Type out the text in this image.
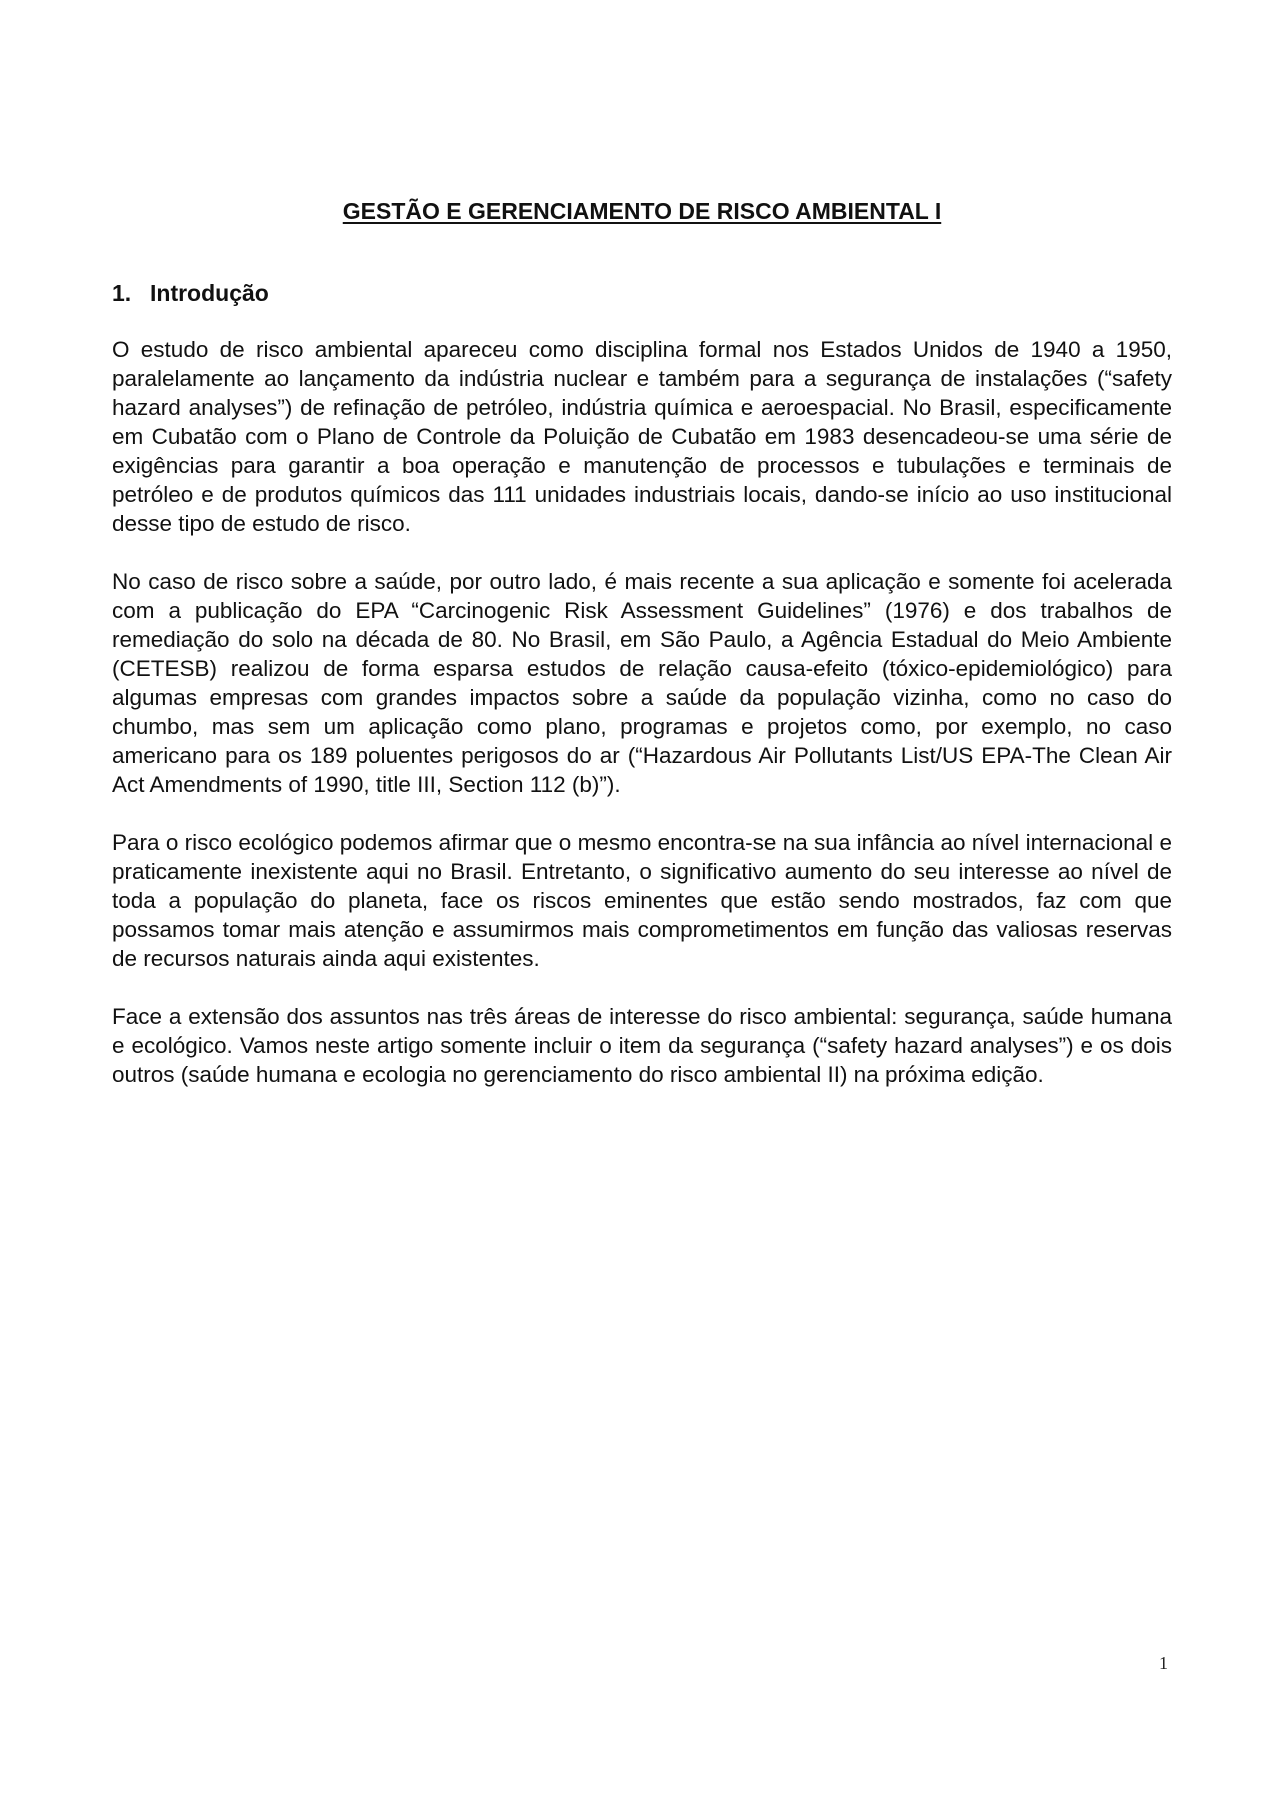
GESTÃO E GERENCIAMENTO DE RISCO AMBIENTAL I
1. Introdução

O estudo de risco ambiental apareceu como disciplina formal nos Estados Unidos de 1940 a 1950, paralelamente ao lançamento da indústria nuclear e também para a segurança de instalações (“safety hazard analyses”) de refinação de petróleo, indústria química e aeroespacial. No Brasil, especificamente em Cubatão com o Plano de Controle da Poluição de Cubatão em 1983 desencadeou-se uma série de exigências para garantir a boa operação e manutenção de processos e tubulações e terminais de petróleo e de produtos químicos das 111 unidades industriais locais, dando-se início ao uso institucional desse tipo de estudo de risco.

No caso de risco sobre a saúde, por outro lado, é mais recente a sua aplicação e somente foi acelerada com a publicação do EPA “Carcinogenic Risk Assessment Guidelines” (1976) e dos trabalhos de remediação do solo na década de 80. No Brasil, em São Paulo, a Agência Estadual do Meio Ambiente (CETESB) realizou de forma esparsa estudos de relação causa-efeito (tóxico-epidemiológico) para algumas empresas com grandes impactos sobre a saúde da população vizinha, como no caso do chumbo, mas sem um aplicação como plano, programas e projetos como, por exemplo, no caso americano para os 189 poluentes perigosos do ar (“Hazardous Air Pollutants List/US EPA-The Clean Air Act Amendments of 1990, title III, Section 112 (b)”).

Para o risco ecológico podemos afirmar que o mesmo encontra-se na sua infância ao nível internacional e praticamente inexistente aqui no Brasil. Entretanto, o significativo aumento do seu interesse ao nível de toda a população do planeta, face os riscos eminentes que estão sendo mostrados, faz com que possamos tomar mais atenção e assumirmos mais comprometimentos em função das valiosas reservas de recursos naturais ainda aqui existentes.

Face a extensão dos assuntos nas três áreas de interesse do risco ambiental: segurança, saúde humana e ecológico. Vamos neste artigo somente incluir o item da segurança (“safety hazard analyses”) e os dois outros (saúde humana e ecologia no gerenciamento do risco ambiental II) na próxima edição.

1
